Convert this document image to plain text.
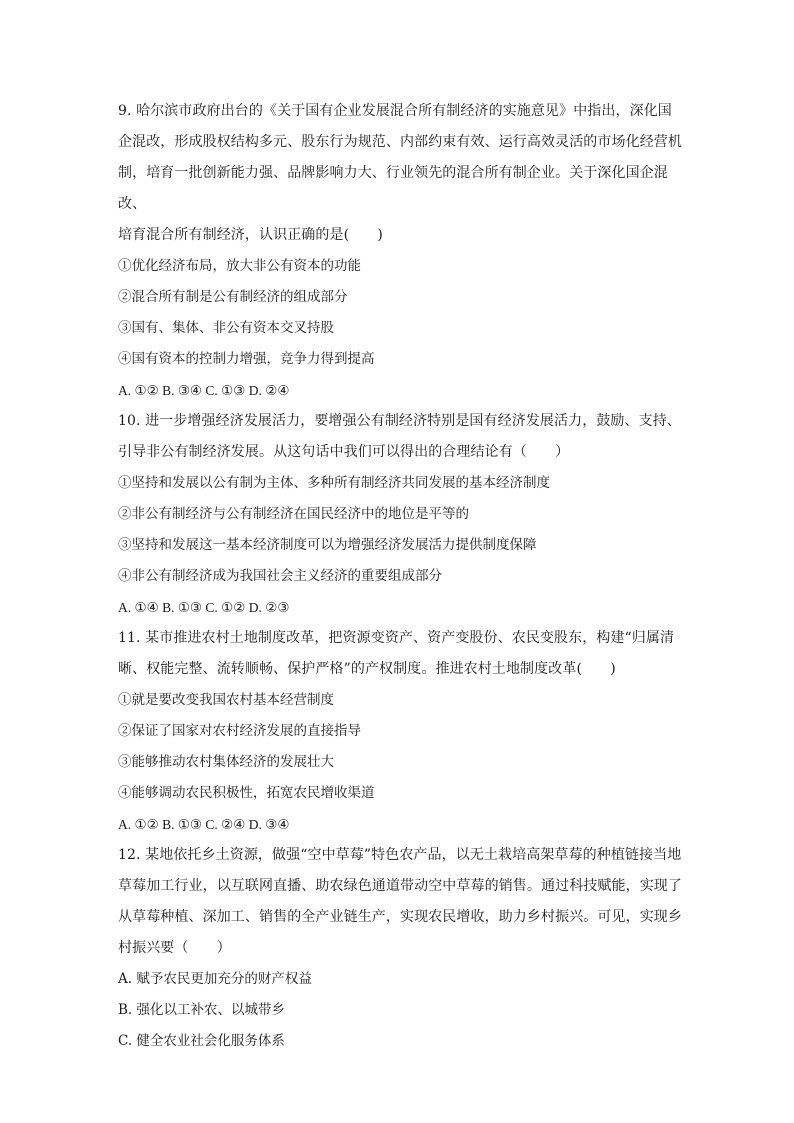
9. 哈尔滨市政府出台的《关于国有企业发展混合所有制经济的实施意见》中指出，深化国

企混改，形成股权结构多元、股东行为规范、内部约束有效、运行高效灵活的市场化经营机

制，培育一批创新能力强、品牌影响力大、行业领先的混合所有制企业。关于深化国企混改、

培育混合所有制经济，认识正确的是(　　)

①优化经济布局，放大非公有资本的功能

②混合所有制是公有制经济的组成部分

③国有、集体、非公有资本交叉持股

④国有资本的控制力增强，竞争力得到提高

A. ①② B. ③④ C. ①③ D. ②④

10. 进一步增强经济发展活力，要增强公有制经济特别是国有经济发展活力，鼓励、支持、

引导非公有制经济发展。从这句话中我们可以得出的合理结论有（　　）

①坚持和发展以公有制为主体、多种所有制经济共同发展的基本经济制度

②非公有制经济与公有制经济在国民经济中的地位是平等的

③坚持和发展这一基本经济制度可以为增强经济发展活力提供制度保障

④非公有制经济成为我国社会主义经济的重要组成部分

A. ①④ B. ①③ C. ①② D. ②③

11. 某市推进农村土地制度改革，把资源变资产、资产变股份、农民变股东，构建“归属清

晰、权能完整、流转顺畅、保护严格”的产权制度。推进农村土地制度改革(　　)

①就是要改变我国农村基本经营制度

②保证了国家对农村经济发展的直接指导

③能够推动农村集体经济的发展壮大

④能够调动农民积极性，拓宽农民增收渠道

A. ①② B. ①③ C. ②④ D. ③④

12. 某地依托乡土资源，做强“空中草莓”特色农产品，以无土栽培高架草莓的种植链接当地

草莓加工行业，以互联网直播、助农绿色通道带动空中草莓的销售。通过科技赋能，实现了

从草莓种植、深加工、销售的全产业链生产，实现农民增收，助力乡村振兴。可见，实现乡

村振兴要（　　）

A. 赋予农民更加充分的财产权益

B. 强化以工补农、以城带乡

C. 健全农业社会化服务体系
